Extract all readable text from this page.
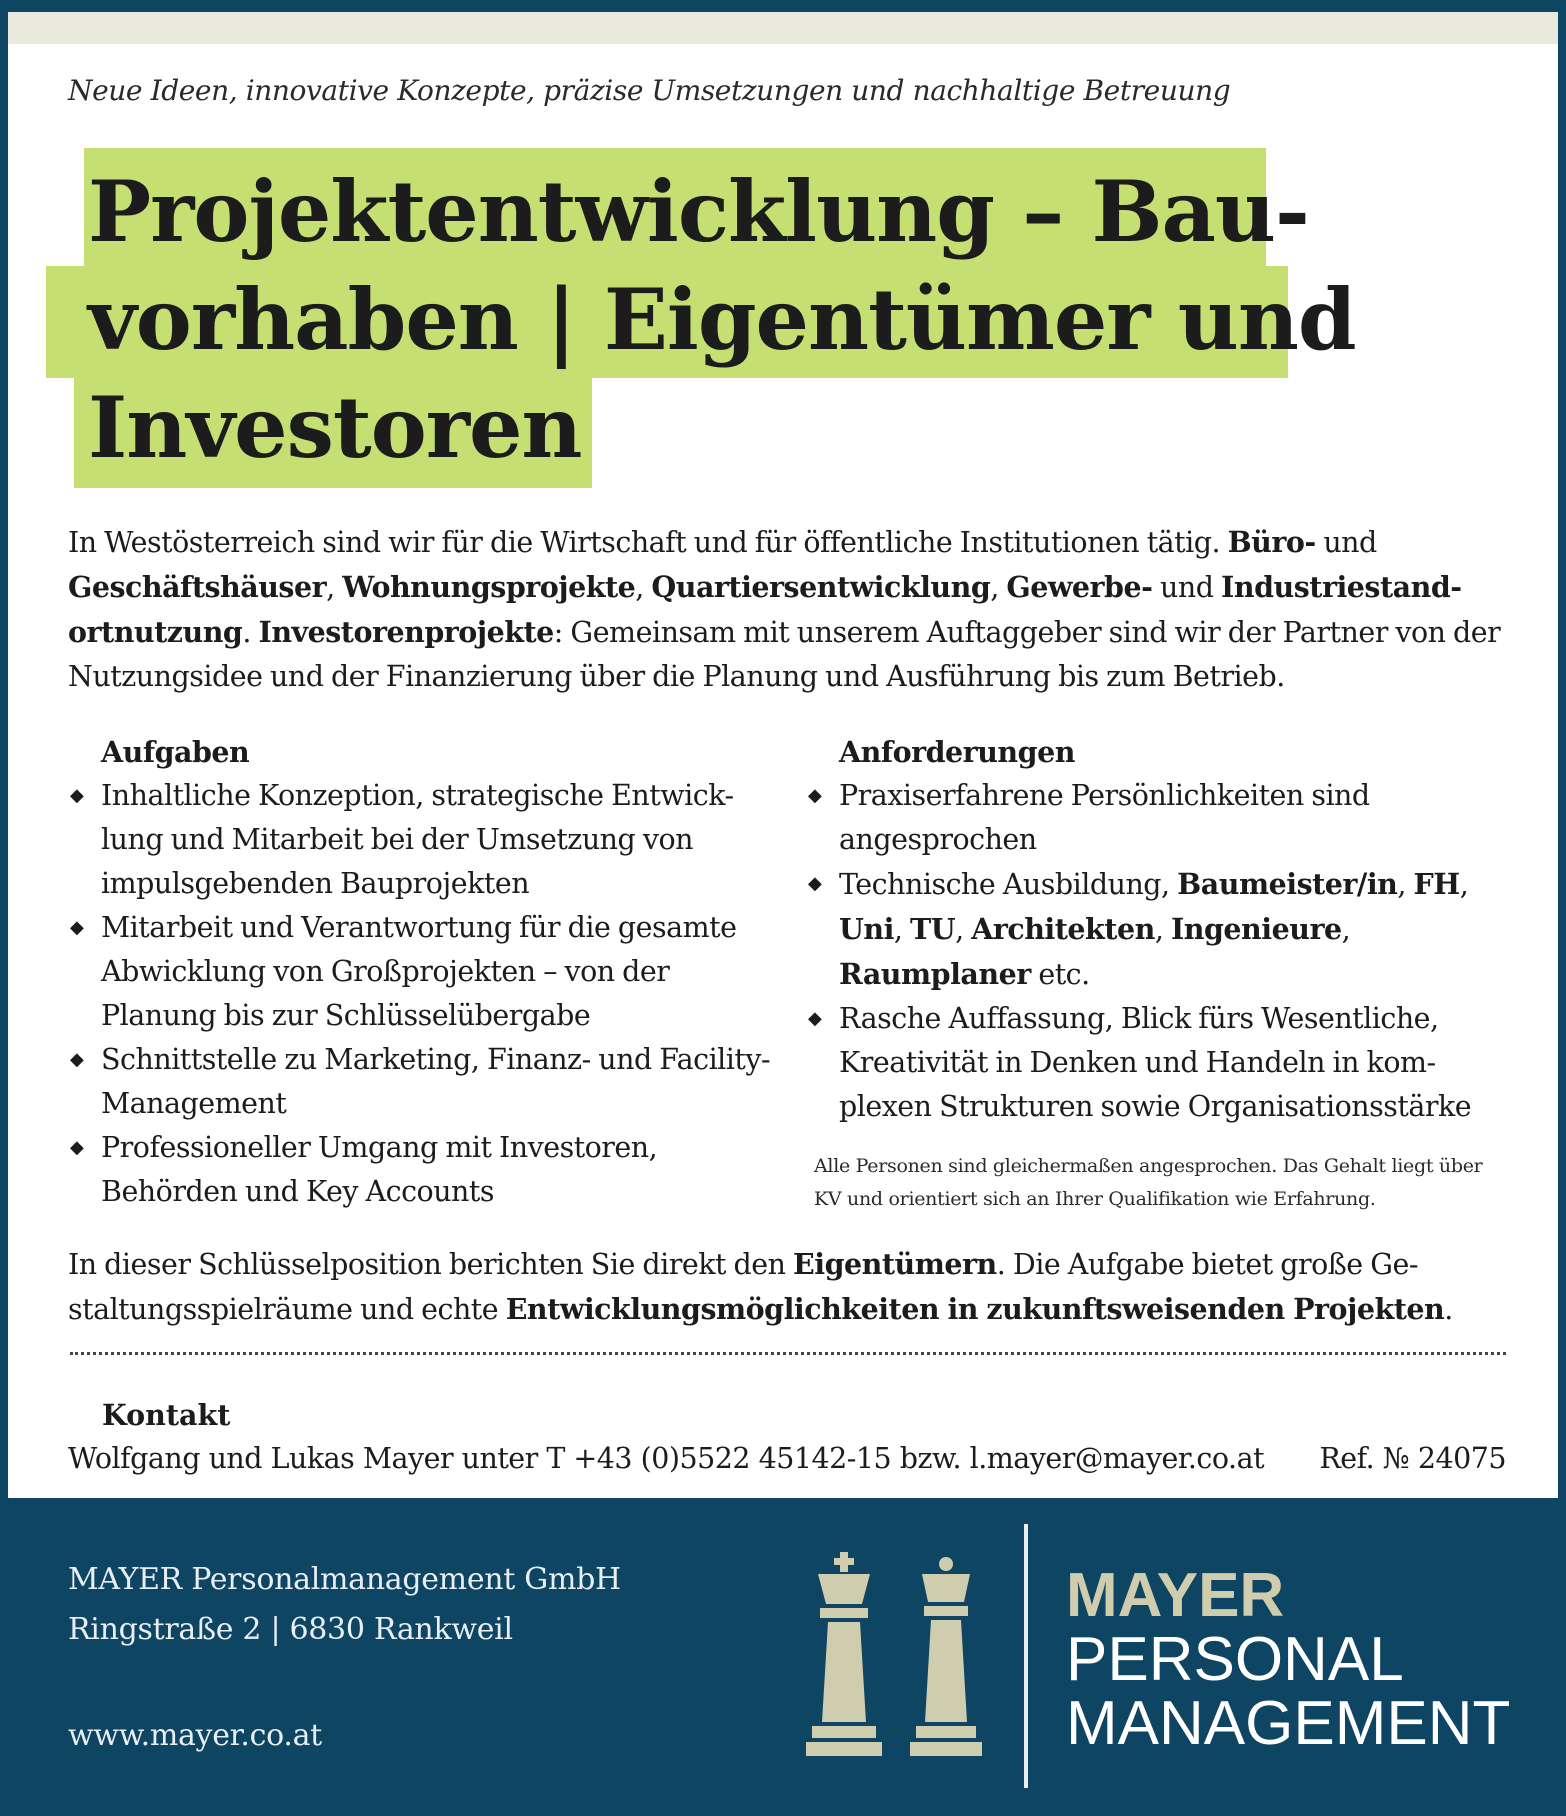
Neue Ideen, innovative Konzepte, präzise Umsetzungen und nachhaltige Betreuung
Projektentwicklung – Bau-
vorhaben | Eigentümer und
Investoren
In Westösterreich sind wir für die Wirtschaft und für öffentliche Institutionen tätig. Büro- und Geschäftshäuser, Wohnungsprojekte, Quartiersentwicklung, Gewerbe- und Industriestand-ortnutzung. Investorenprojekte: Gemeinsam mit unserem Auftaggeber sind wir der Partner von der Nutzungsidee und der Finanzierung über die Planung und Ausführung bis zum Betrieb.
Aufgaben
◆ Inhaltliche Konzeption, strategische Entwick-lung und Mitarbeit bei der Umsetzung von impulsgebenden Bauprojekten
◆ Mitarbeit und Verantwortung für die gesamte Abwicklung von Großprojekten – von der Planung bis zur Schlüsselübergabe
◆ Schnittstelle zu Marketing, Finanz- und Facility-Management
◆ Professioneller Umgang mit Investoren, Behörden und Key Accounts
Anforderungen
◆ Praxiserfahrene Persönlichkeiten sind angesprochen
◆ Technische Ausbildung, Baumeister/in, FH, Uni, TU, Architekten, Ingenieure, Raumplaner etc.
◆ Rasche Auffassung, Blick fürs Wesentliche, Kreativität in Denken und Handeln in kom-plexen Strukturen sowie Organisationsstärke
Alle Personen sind gleichermaßen angesprochen. Das Gehalt liegt über KV und orientiert sich an Ihrer Qualifikation wie Erfahrung.
In dieser Schlüsselposition berichten Sie direkt den Eigentümern. Die Aufgabe bietet große Ge-staltungsspielräume und echte Entwicklungsmöglichkeiten in zukunftsweisenden Projekten.
Kontakt
Wolfgang und Lukas Mayer unter T +43 (0)5522 45142-15 bzw. l.mayer@mayer.co.at Ref. № 24075
MAYER Personalmanagement GmbH
Ringstraße 2 | 6830 Rankweil
www.mayer.co.at
MAYER
PERSONAL
MANAGEMENT
